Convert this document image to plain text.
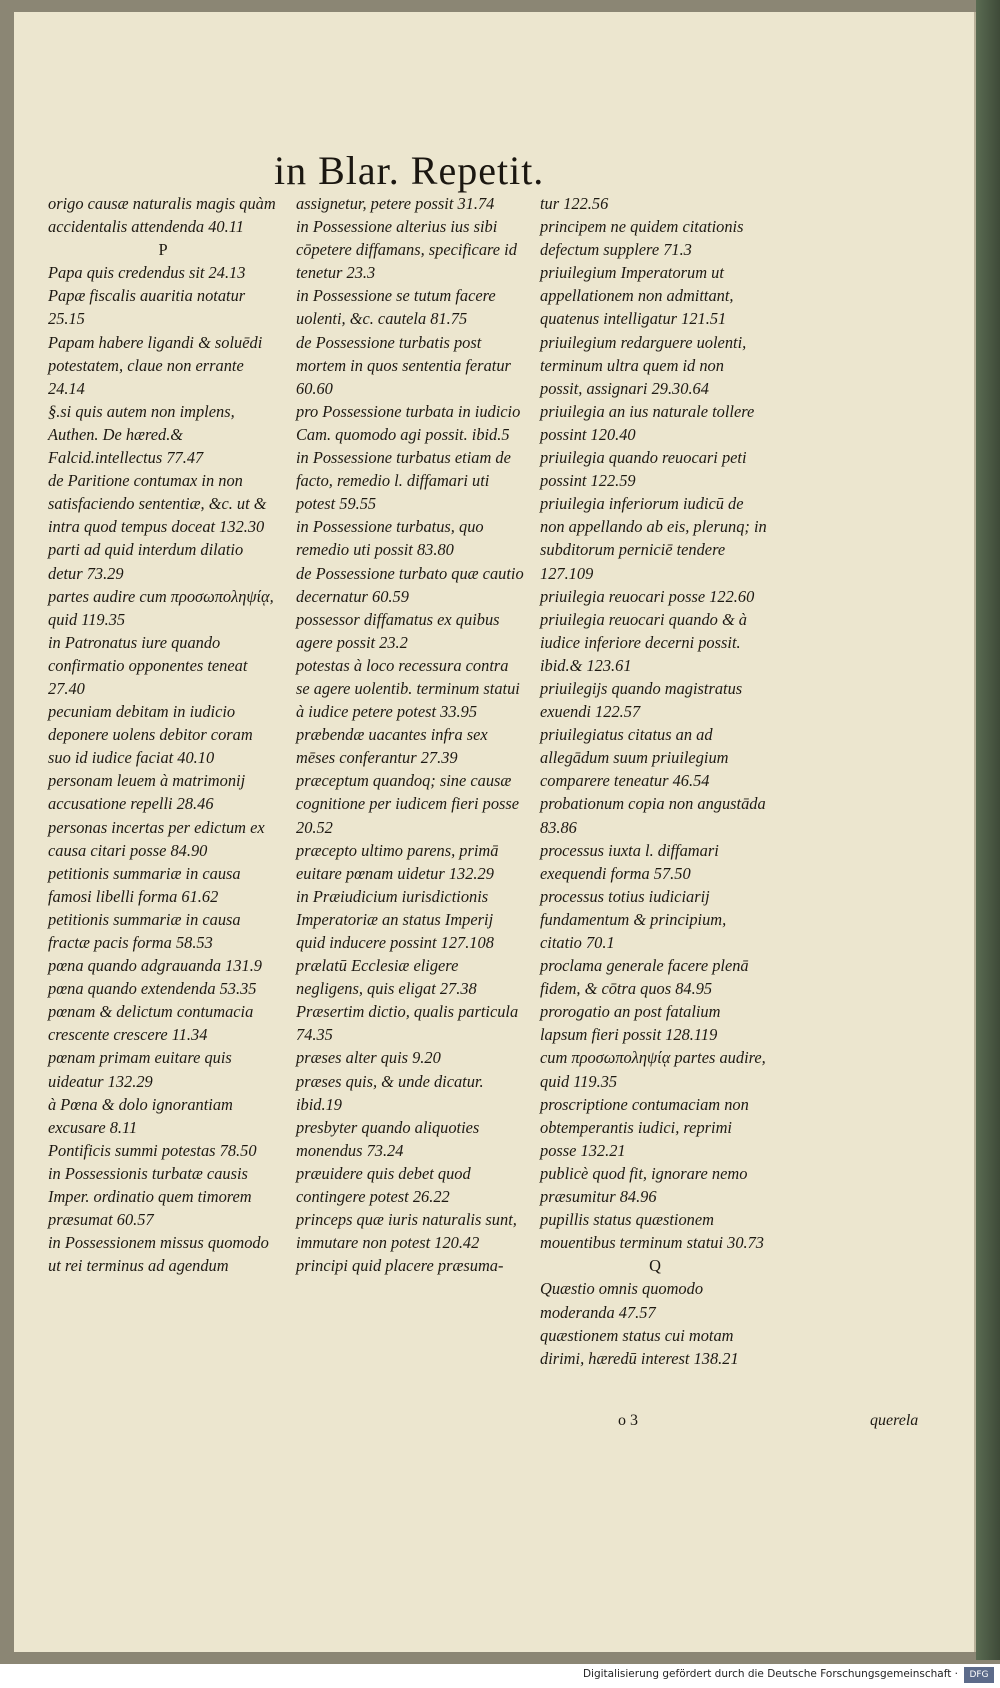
in Blar. Repetit.

origo causæ naturalis magis quàm accidentalis attendenda 40.11

P

Papa quis credendus sit 24.13

Papæ fiscalis auaritia notatur 25.15

Papam habere ligandi & soluēdi potestatem, claue non errante 24.14

§.si quis autem non implens, Authen. De hæred.& Falcid.intellectus 77.47

de Paritione contumax in non satisfaciendo sententiæ, &c. ut & intra quod tempus doceat 132.30

parti ad quid interdum dilatio detur 73.29

partes audire cum προσωποληψίᾳ, quid 119.35

in Patronatus iure quando confirmatio opponentes teneat 27.40

pecuniam debitam in iudicio deponere uolens debitor coram suo id iudice faciat 40.10

personam leuem à matrimonij accusatione repelli 28.46

personas incertas per edictum ex causa citari posse 84.90

petitionis summariæ in causa famosi libelli forma 61.62

petitionis summariæ in causa fractæ pacis forma 58.53

pœna quando adgrauanda 131.9

pœna quando extendenda 53.35

pœnam & delictum contumacia crescente crescere 11.34

pœnam primam euitare quis uideatur 132.29

à Pœna & dolo ignorantiam excusare 8.11

Pontificis summi potestas 78.50

in Possessionis turbatæ causis Imper. ordinatio quem timorem præsumat 60.57

in Possessionem missus quomodo ut rei terminus ad agendum

assignetur, petere possit 31.74

in Possessione alterius ius sibi cōpetere diffamans, specificare id tenetur 23.3

in Possessione se tutum facere uolenti, &c. cautela 81.75

de Possessione turbatis post mortem in quos sententia feratur 60.60

pro Possessione turbata in iudicio Cam. quomodo agi possit. ibid.5

in Possessione turbatus etiam de facto, remedio l. diffamari uti potest 59.55

in Possessione turbatus, quo remedio uti possit 83.80

de Possessione turbato quæ cautio decernatur 60.59

possessor diffamatus ex quibus agere possit 23.2

potestas à loco recessura contra se agere uolentib. terminum statui à iudice petere potest 33.95

præbendæ uacantes infra sex mēses conferantur 27.39

præceptum quandoq; sine causæ cognitione per iudicem fieri posse 20.52

præcepto ultimo parens, primā euitare pœnam uidetur 132.29

in Præiudicium iurisdictionis Imperatoriæ an status Imperij quid inducere possint 127.108

prælatū Ecclesiæ eligere negligens, quis eligat 27.38

Præsertim dictio, qualis particula 74.35

præses alter quis 9.20

præses quis, & unde dicatur. ibid.19

presbyter quando aliquoties monendus 73.24

præuidere quis debet quod contingere potest 26.22

princeps quæ iuris naturalis sunt, immutare non potest 120.42

principi quid placere præsuma-

tur 122.56

principem ne quidem citationis defectum supplere 71.3

priuilegium Imperatorum ut appellationem non admittant, quatenus intelligatur 121.51

priuilegium redarguere uolenti, terminum ultra quem id non possit, assignari 29.30.64

priuilegia an ius naturale tollere possint 120.40

priuilegia quando reuocari peti possint 122.59

priuilegia inferiorum iudicū de non appellando ab eis, plerunq; in subditorum perniciē tendere 127.109

priuilegia reuocari posse 122.60

priuilegia reuocari quando & à iudice inferiore decerni possit. ibid.& 123.61

priuilegijs quando magistratus exuendi 122.57

priuilegiatus citatus an ad allegādum suum priuilegium comparere teneatur 46.54

probationum copia non angustāda 83.86

processus iuxta l. diffamari exequendi forma 57.50

processus totius iudiciarij fundamentum & principium, citatio 70.1

proclama generale facere plenā fidem, & cōtra quos 84.95

prorogatio an post fatalium lapsum fieri possit 128.119

cum προσωποληψίᾳ partes audire, quid 119.35

proscriptione contumaciam non obtemperantis iudici, reprimi posse 132.21

publicè quod fit, ignorare nemo præsumitur 84.96

pupillis status quæstionem mouentibus terminum statui 30.73

Q

Quæstio omnis quomodo moderanda 47.57

quæstionem status cui motam dirimi, hæredū interest 138.21

o 3	querela
Digitalisierung gefördert durch die Deutsche Forschungsgemeinschaft ·	DFG
